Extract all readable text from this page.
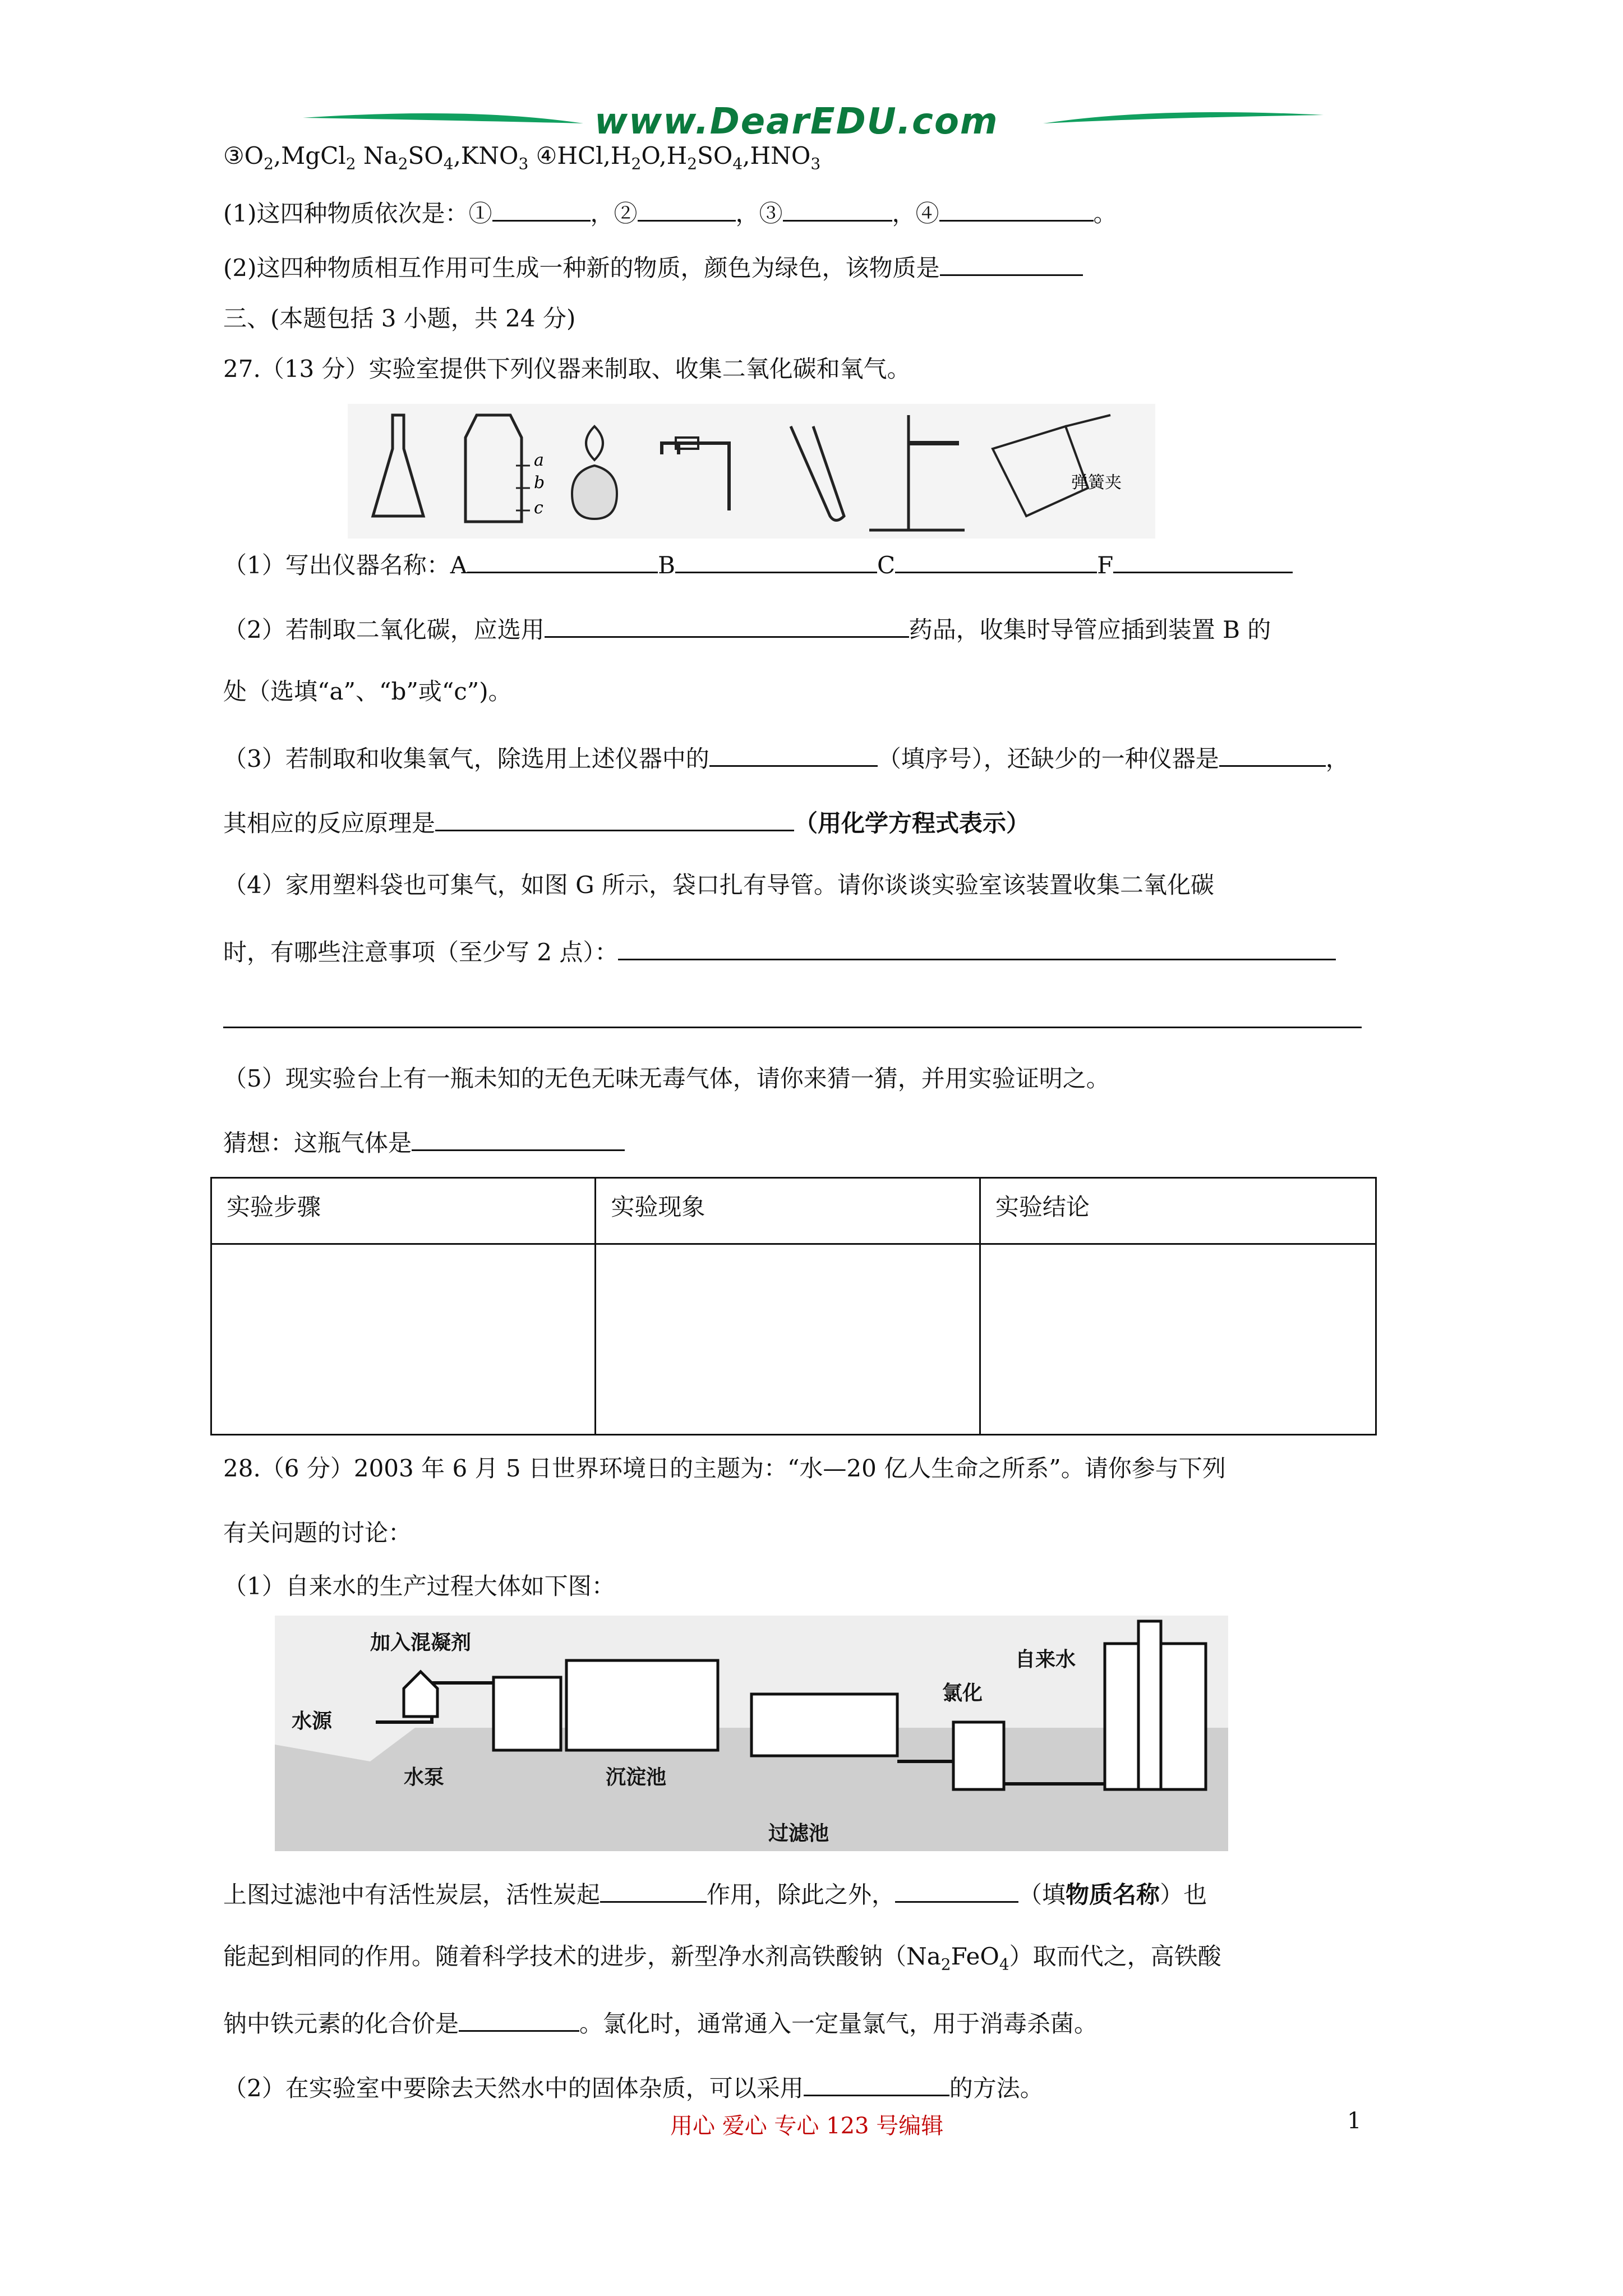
www.DearEDU.com
$③O_2,MgCl_2$ $Na_2SO_4,KNO_3$ $④HCl,H_2O,H_2SO_4,HNO_3$
(1)这四种物质依次是：①	，②	，③	，④	。
(2)这四种物质相互作用可生成一种新的物质，颜色为绿色，该物质是
三、(本题包括 3 小题，共 24 分)
27.（13 分）实验室提供下列仪器来制取、收集二氧化碳和氧气。
a
b
c
弹簧夹
（1）写出仪器名称：A	B	C	F
（2）若制取二氧化碳，应选用	药品，收集时导管应插到装置 B 的
处（选填“a”、“b”或“c”)。
（3）若制取和收集氧气，除选用上述仪器中的	（填序号），还缺少的一种仪器是	，
其相应的反应原理是	（用化学方程式表示）
（4）家用塑料袋也可集气，如图 G 所示，袋口扎有导管。请你谈谈实验室该装置收集二氧化碳
时，有哪些注意事项（至少写 2 点）：
（5）现实验台上有一瓶未知的无色无味无毒气体，请你来猜一猜，并用实验证明之。
猜想：这瓶气体是
实验步骤	实验现象	实验结论

28.（6 分）2003 年 6 月 5 日世界环境日的主题为：“水—20 亿人生命之所系”。请你参与下列
有关问题的讨论：
（1）自来水的生产过程大体如下图：
加入混凝剂
水源
水泵	沉淀池
过滤池
氯化
自来水
上图过滤池中有活性炭层，活性炭起	作用，除此之外，	（填物质名称）也
能起到相同的作用。随着科学技术的进步，新型净水剂高铁酸钠$(Na_2FeO_4)$取而代之，高铁酸
钠中铁元素的化合价是	。氯化时，通常通入一定量氯气，用于消毒杀菌。
（2）在实验室中要除去天然水中的固体杂质，可以采用	的方法。
用心 爱心 专心 123 号编辑	1
